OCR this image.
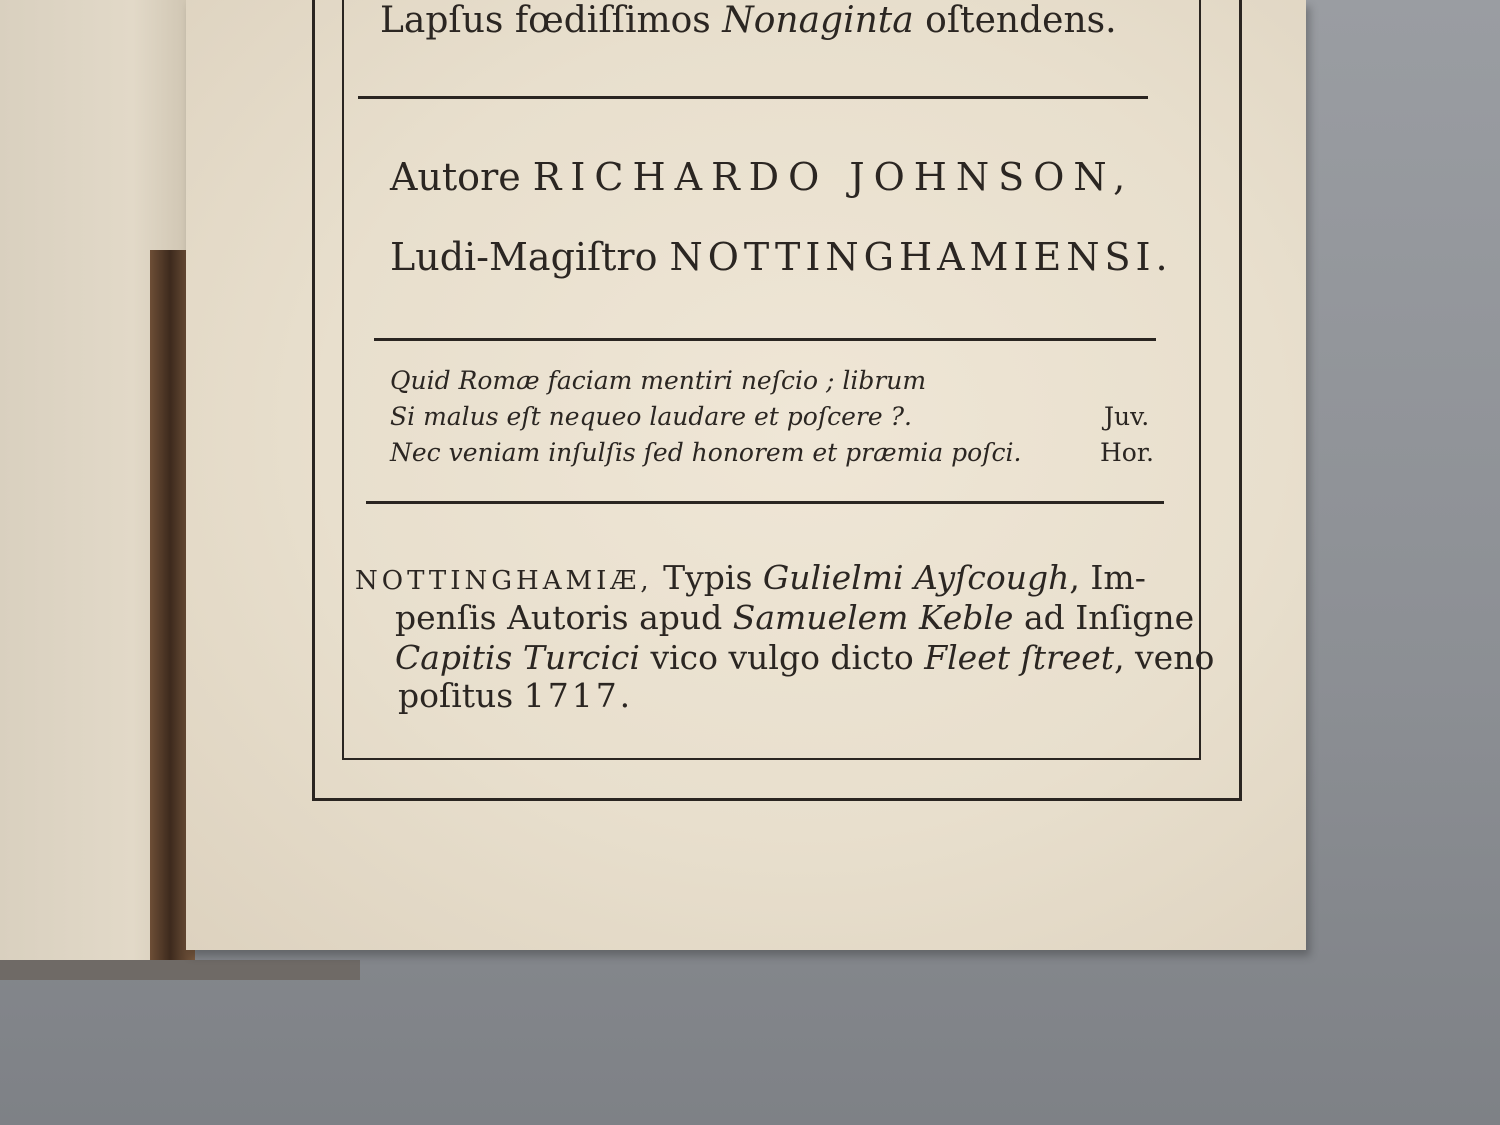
Lapſus fœdiſſimos Nonaginta oſtendens.
Autore RICHARDO JOHNSON,
Ludi-Magiſtro NOTTINGHAMIENSI.
Quid Romæ faciam mentiri neſcio ; librum
Si malus eſt nequeo laudare et poſcere ?.
Nec veniam inſulſis ſed honorem et præmia poſci.
Juv.
Hor.
NOTTINGHAMIÆ, Typis Gulielmi Ayſcough, Im-
penſis Autoris apud Samuelem Keble ad Inſigne
Capitis Turcici vico vulgo dicto Fleet ſtreet, veno
poſitus 1717.
